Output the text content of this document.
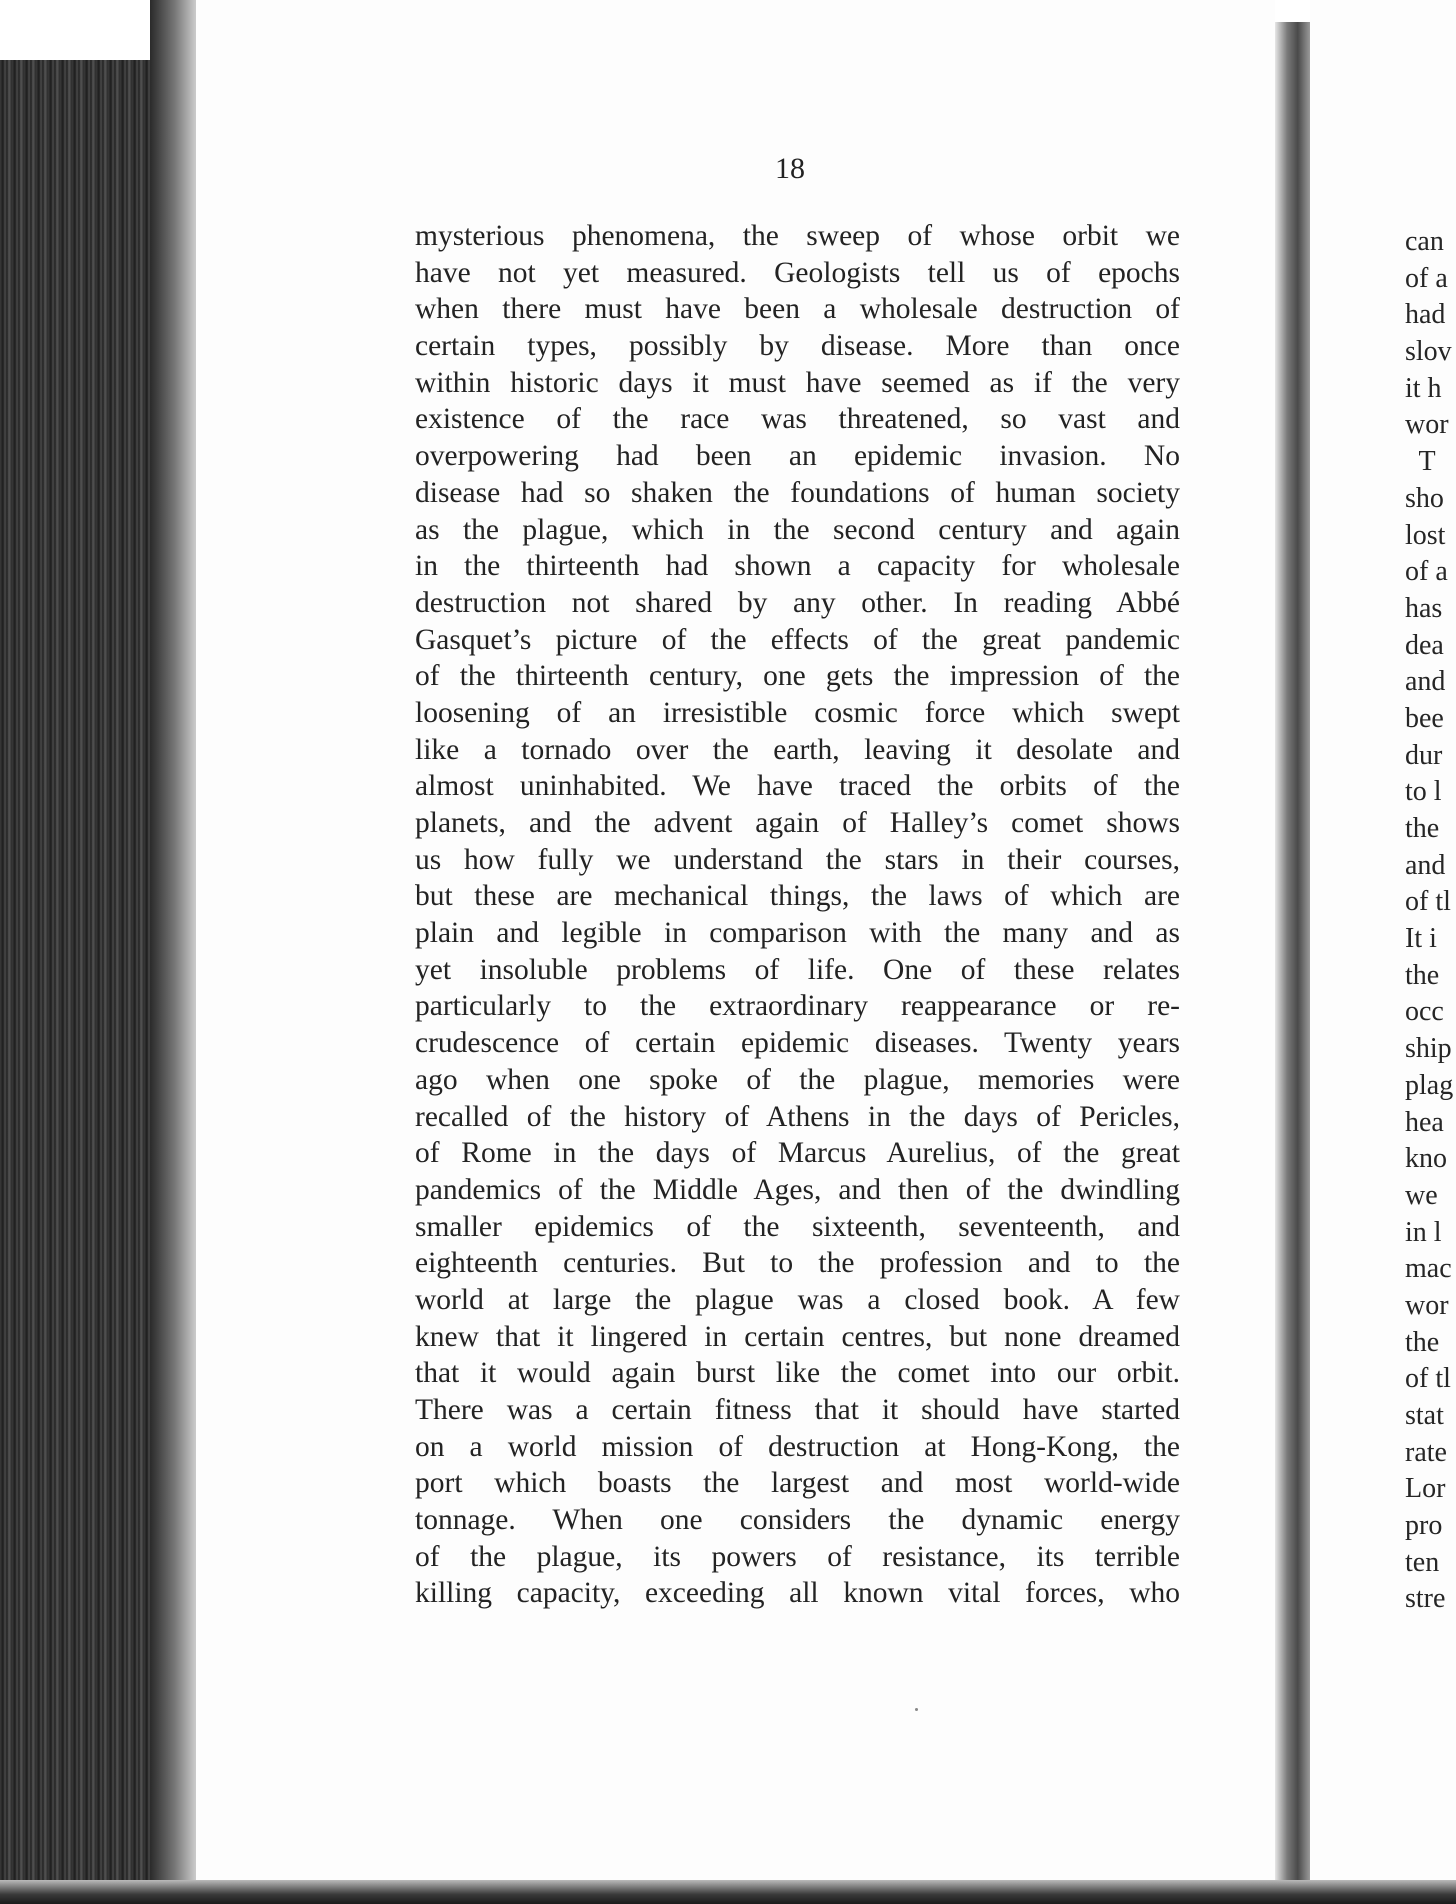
can
of a
had
slov
it h
wor
T
sho
lost
of a
has
dea
and
bee
dur
to l
the
and
of tl
It i
the
occ
ship
plag
hea
kno
we
in l
mac
wor
the
of tl
stat
rate
Lor
pro
ten
stre
18
mysterious phenomena, the sweep of whose orbit we
have not yet measured. Geologists tell us of epochs
when there must have been a wholesale destruction of
certain types, possibly by disease. More than once
within historic days it must have seemed as if the very
existence of the race was threatened, so vast and
overpowering had been an epidemic invasion. No
disease had so shaken the foundations of human society
as the plague, which in the second century and again
in the thirteenth had shown a capacity for wholesale
destruction not shared by any other. In reading Abbé
Gasquet’s picture of the effects of the great pandemic
of the thirteenth century, one gets the impression of the
loosening of an irresistible cosmic force which swept
like a tornado over the earth, leaving it desolate and
almost uninhabited. We have traced the orbits of the
planets, and the advent again of Halley’s comet shows
us how fully we understand the stars in their courses,
but these are mechanical things, the laws of which are
plain and legible in comparison with the many and as
yet insoluble problems of life. One of these relates
particularly to the extraordinary reappearance or re-
crudescence of certain epidemic diseases. Twenty years
ago when one spoke of the plague, memories were
recalled of the history of Athens in the days of Pericles,
of Rome in the days of Marcus Aurelius, of the great
pandemics of the Middle Ages, and then of the dwindling
smaller epidemics of the sixteenth, seventeenth, and
eighteenth centuries. But to the profession and to the
world at large the plague was a closed book. A few
knew that it lingered in certain centres, but none dreamed
that it would again burst like the comet into our orbit.
There was a certain fitness that it should have started
on a world mission of destruction at Hong-Kong, the
port which boasts the largest and most world-wide
tonnage. When one considers the dynamic energy
of the plague, its powers of resistance, its terrible
killing capacity, exceeding all known vital forces, who
